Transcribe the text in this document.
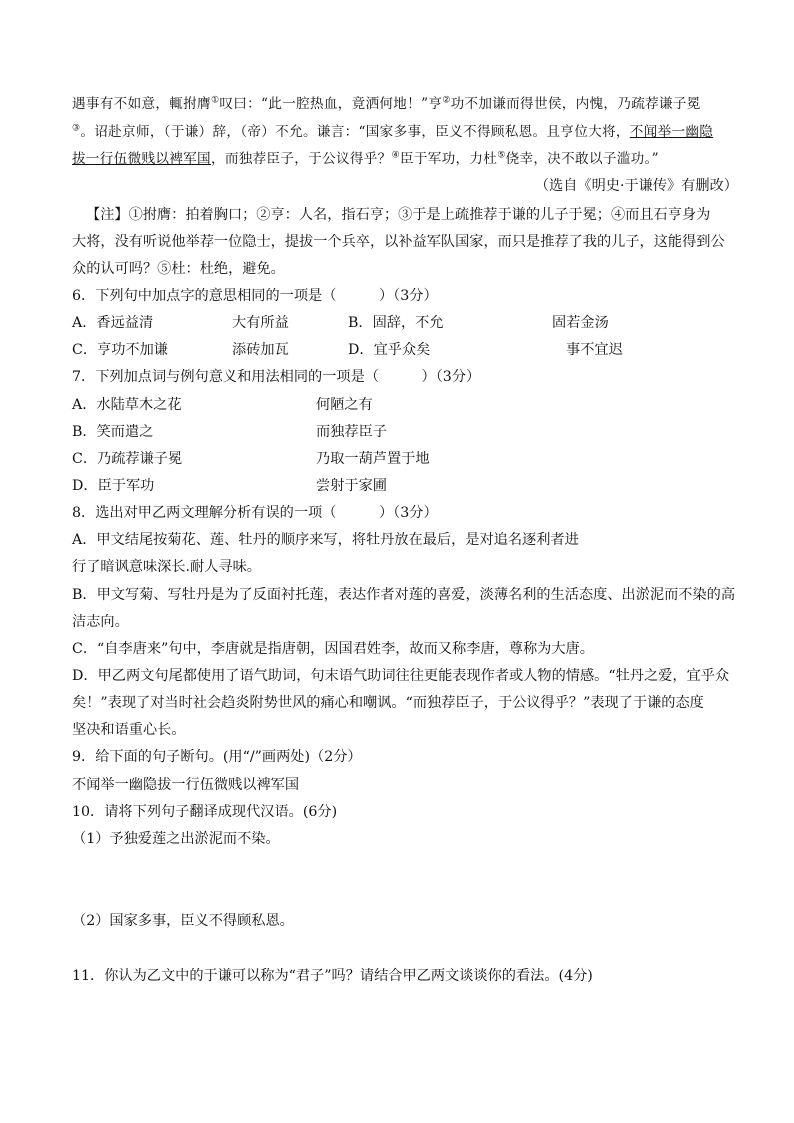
遇事有不如意，輒拊膺①叹曰：“此一腔热血，竟洒何地！”亨②功不加谦而得世侯，内愧，乃疏荐谦子冕
③。诏赴京师，（于谦）辞，（帝）不允。谦言：“国家多事，臣义不得顾私恩。且亨位大将，不闻举一幽隐
拔一行伍微贱以裨军国，而独荐臣子，于公议得乎？④臣于军功，力杜⑤侥幸，决不敢以子滥功。”
（选自《明史·于谦传》有删改）
【注】①拊膺：拍着胸口；②亨：人名，指石亨；③于是上疏推荐于谦的儿子于冕；④而且石亨身为
大将，没有听说他举荐一位隐士，提拔一个兵卒，以补益军队国家，而只是推荐了我的儿子，这能得到公
众的认可吗？⑤杜：杜绝，避免。
6．下列句中加点字的意思相同的一项是（　　　）（3分）
A．香远益清	大有所益	B．固辞，不允	固若金汤
C．亨功不加谦	添砖加瓦	D．宜乎众矣	事不宜迟
7．下列加点词与例句意义和用法相同的一项是（　　　）（3分）
A．水陆草木之花	何陋之有
B．笑而遣之	而独荐臣子
C．乃疏荐谦子冕	乃取一葫芦置于地
D．臣于军功	尝射于家圃
8．选出对甲乙两文理解分析有误的一项（　　　）（3分）
A．甲文结尾按菊花、莲、牡丹的顺序来写，将牡丹放在最后，是对追名逐利者进
行了暗讽意味深长.耐人寻味。
B．甲文写菊、写牡丹是为了反面衬托莲，表达作者对莲的喜爱，淡薄名利的生活态度、出淤泥而不染的高
洁志向。
C．“自李唐来”句中，李唐就是指唐朝，因国君姓李，故而又称李唐，尊称为大唐。
D．甲乙两文句尾都使用了语气助词，句末语气助词往往更能表现作者或人物的情感。“牡丹之爱，宜乎众
矣！”表现了对当时社会趋炎附势世风的痛心和嘲讽。“而独荐臣子，于公议得乎？”表现了于谦的态度
坚决和语重心长。
9．给下面的句子断句。(用“/”画两处)（2分）
不闻举一幽隐拔一行伍微贱以裨军国
10．请将下列句子翻译成现代汉语。(6分)
（1）予独爱莲之出淤泥而不染。
（2）国家多事，臣义不得顾私恩。
11．你认为乙文中的于谦可以称为“君子”吗？请结合甲乙两文谈谈你的看法。(4分)
